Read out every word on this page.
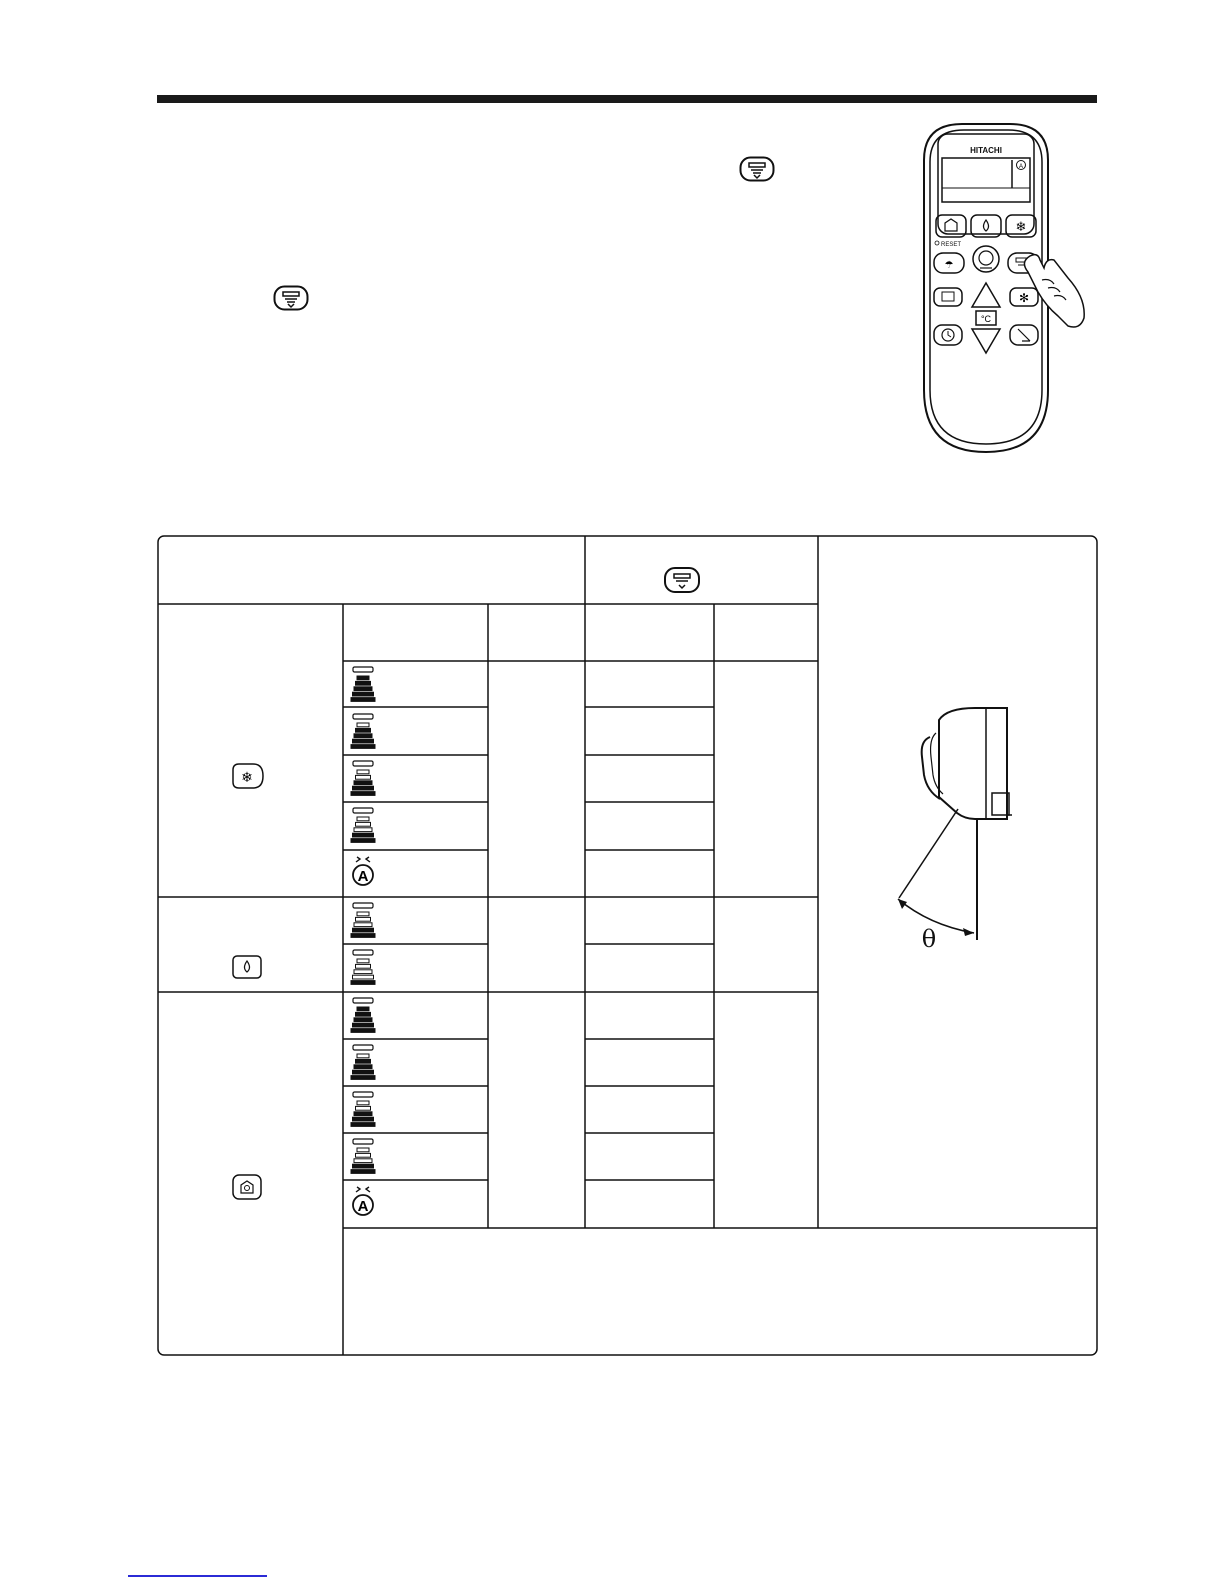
HITACHI
A
❄
RESET
☂
°C
✻
❄
A
A
θ
